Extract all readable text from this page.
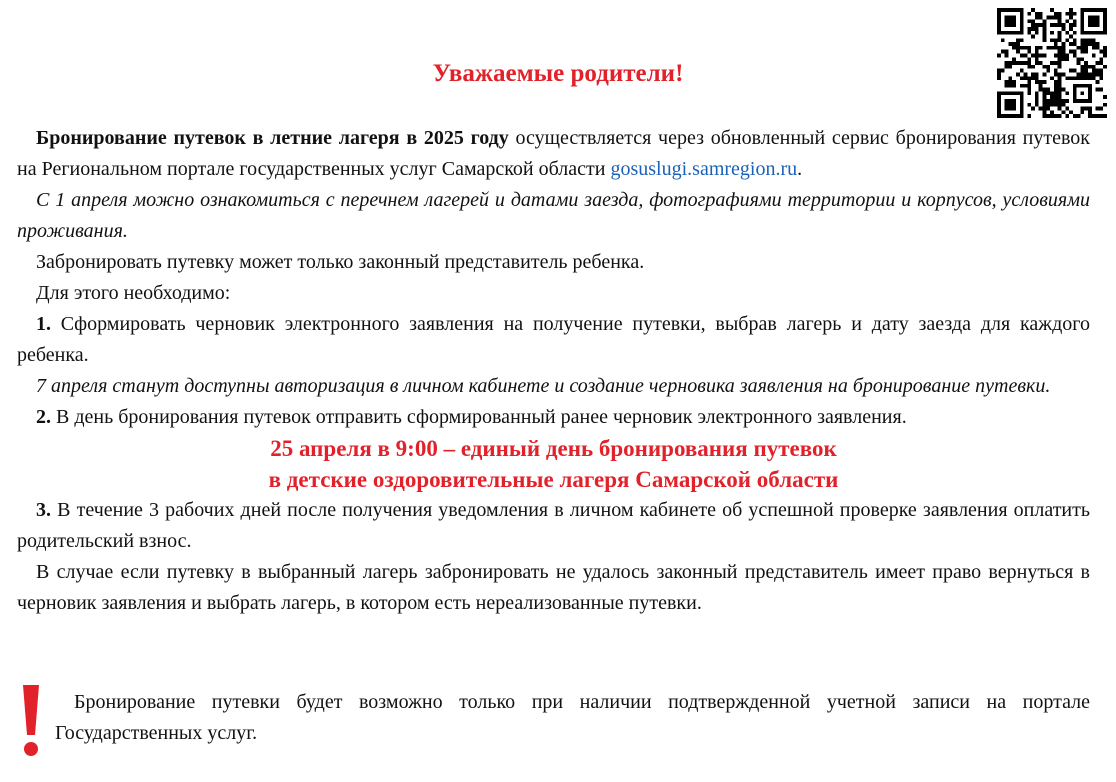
Уважаемые родители!

Бронирование путевок в летние лагеря в 2025 году осуществляется через обновленный сервис бронирования путевок на Региональном портале государственных услуг Самарской области gosuslugi.samregion.ru.

С 1 апреля можно ознакомиться с перечнем лагерей и датами заезда, фотографиями территории и корпусов, условиями проживания.

Забронировать путевку может только законный представитель ребенка.

Для этого необходимо:

1. Сформировать черновик электронного заявления на получение путевки, выбрав лагерь и дату заезда для каждого ребенка.

7 апреля станут доступны авторизация в личном кабинете и создание черновика заявления на бронирование путевки.

2. В день бронирования путевок отправить сформированный ранее черновик электронного заявления.

25 апреля в 9:00 – единый день бронирования путевок

в детские оздоровительные лагеря Самарской области

3. В течение 3 рабочих дней после получения уведомления в личном кабинете об успешной проверке заявления оплатить родительский взнос.

В случае если путевку в выбранный лагерь забронировать не удалось законный представитель имеет право вернуться в черновик заявления и выбрать лагерь, в котором есть нереализованные путевки.

Бронирование путевки будет возможно только при наличии подтвержденной учетной записи на портале Государственных услуг.
